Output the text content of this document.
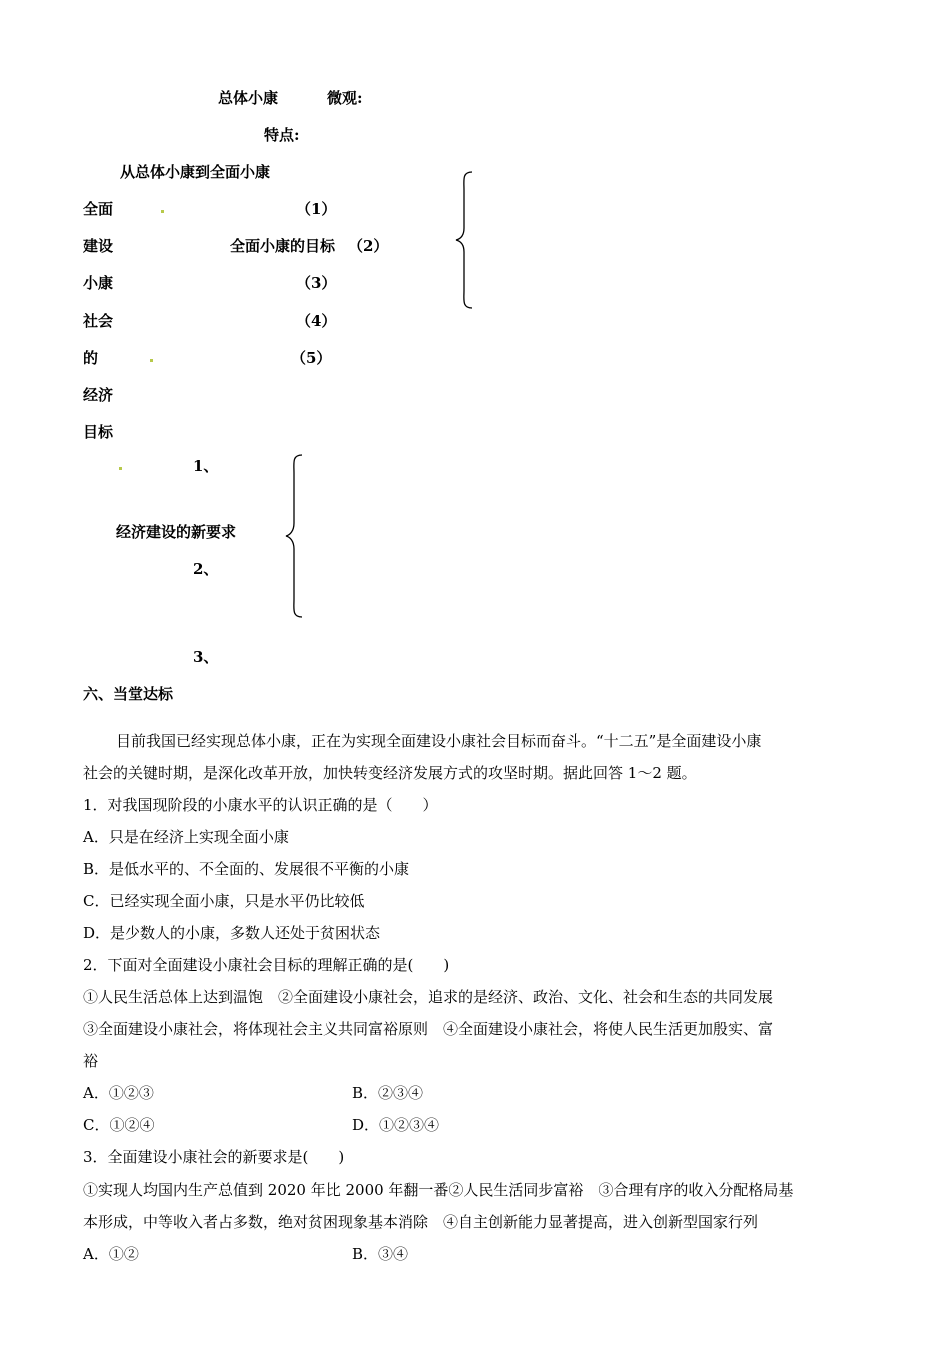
总体小康	微观:
特点:
从总体小康到全面小康
全面
建设
小康
社会
的
经济
目标
（1）
全面小康的目标 （2）
（3）
（4）
（5）
1、
经济建设的新要求
2、
3、
六、当堂达标
目前我国已经实现总体小康，正在为实现全面建设小康社会目标而奋斗。“十二五”是全面建设小康
社会的关键时期，是深化改革开放，加快转变经济发展方式的攻坚时期。据此回答 1～2 题。
1．对我国现阶段的小康水平的认识正确的是（　　）
A．只是在经济上实现全面小康
B．是低水平的、不全面的、发展很不平衡的小康
C．已经实现全面小康，只是水平仍比较低
D．是少数人的小康，多数人还处于贫困状态
2．下面对全面建设小康社会目标的理解正确的是(　　)
①人民生活总体上达到温饱　②全面建设小康社会，追求的是经济、政治、文化、社会和生态的共同发展
③全面建设小康社会，将体现社会主义共同富裕原则　④全面建设小康社会，将使人民生活更加殷实、富
裕
A．①②③	B．②③④
C．①②④	D．①②③④
3．全面建设小康社会的新要求是(　　)
①实现人均国内生产总值到 2020 年比 2000 年翻一番②人民生活同步富裕　③合理有序的收入分配格局基
本形成，中等收入者占多数，绝对贫困现象基本消除　④自主创新能力显著提高，进入创新型国家行列
A．①②	B．③④
